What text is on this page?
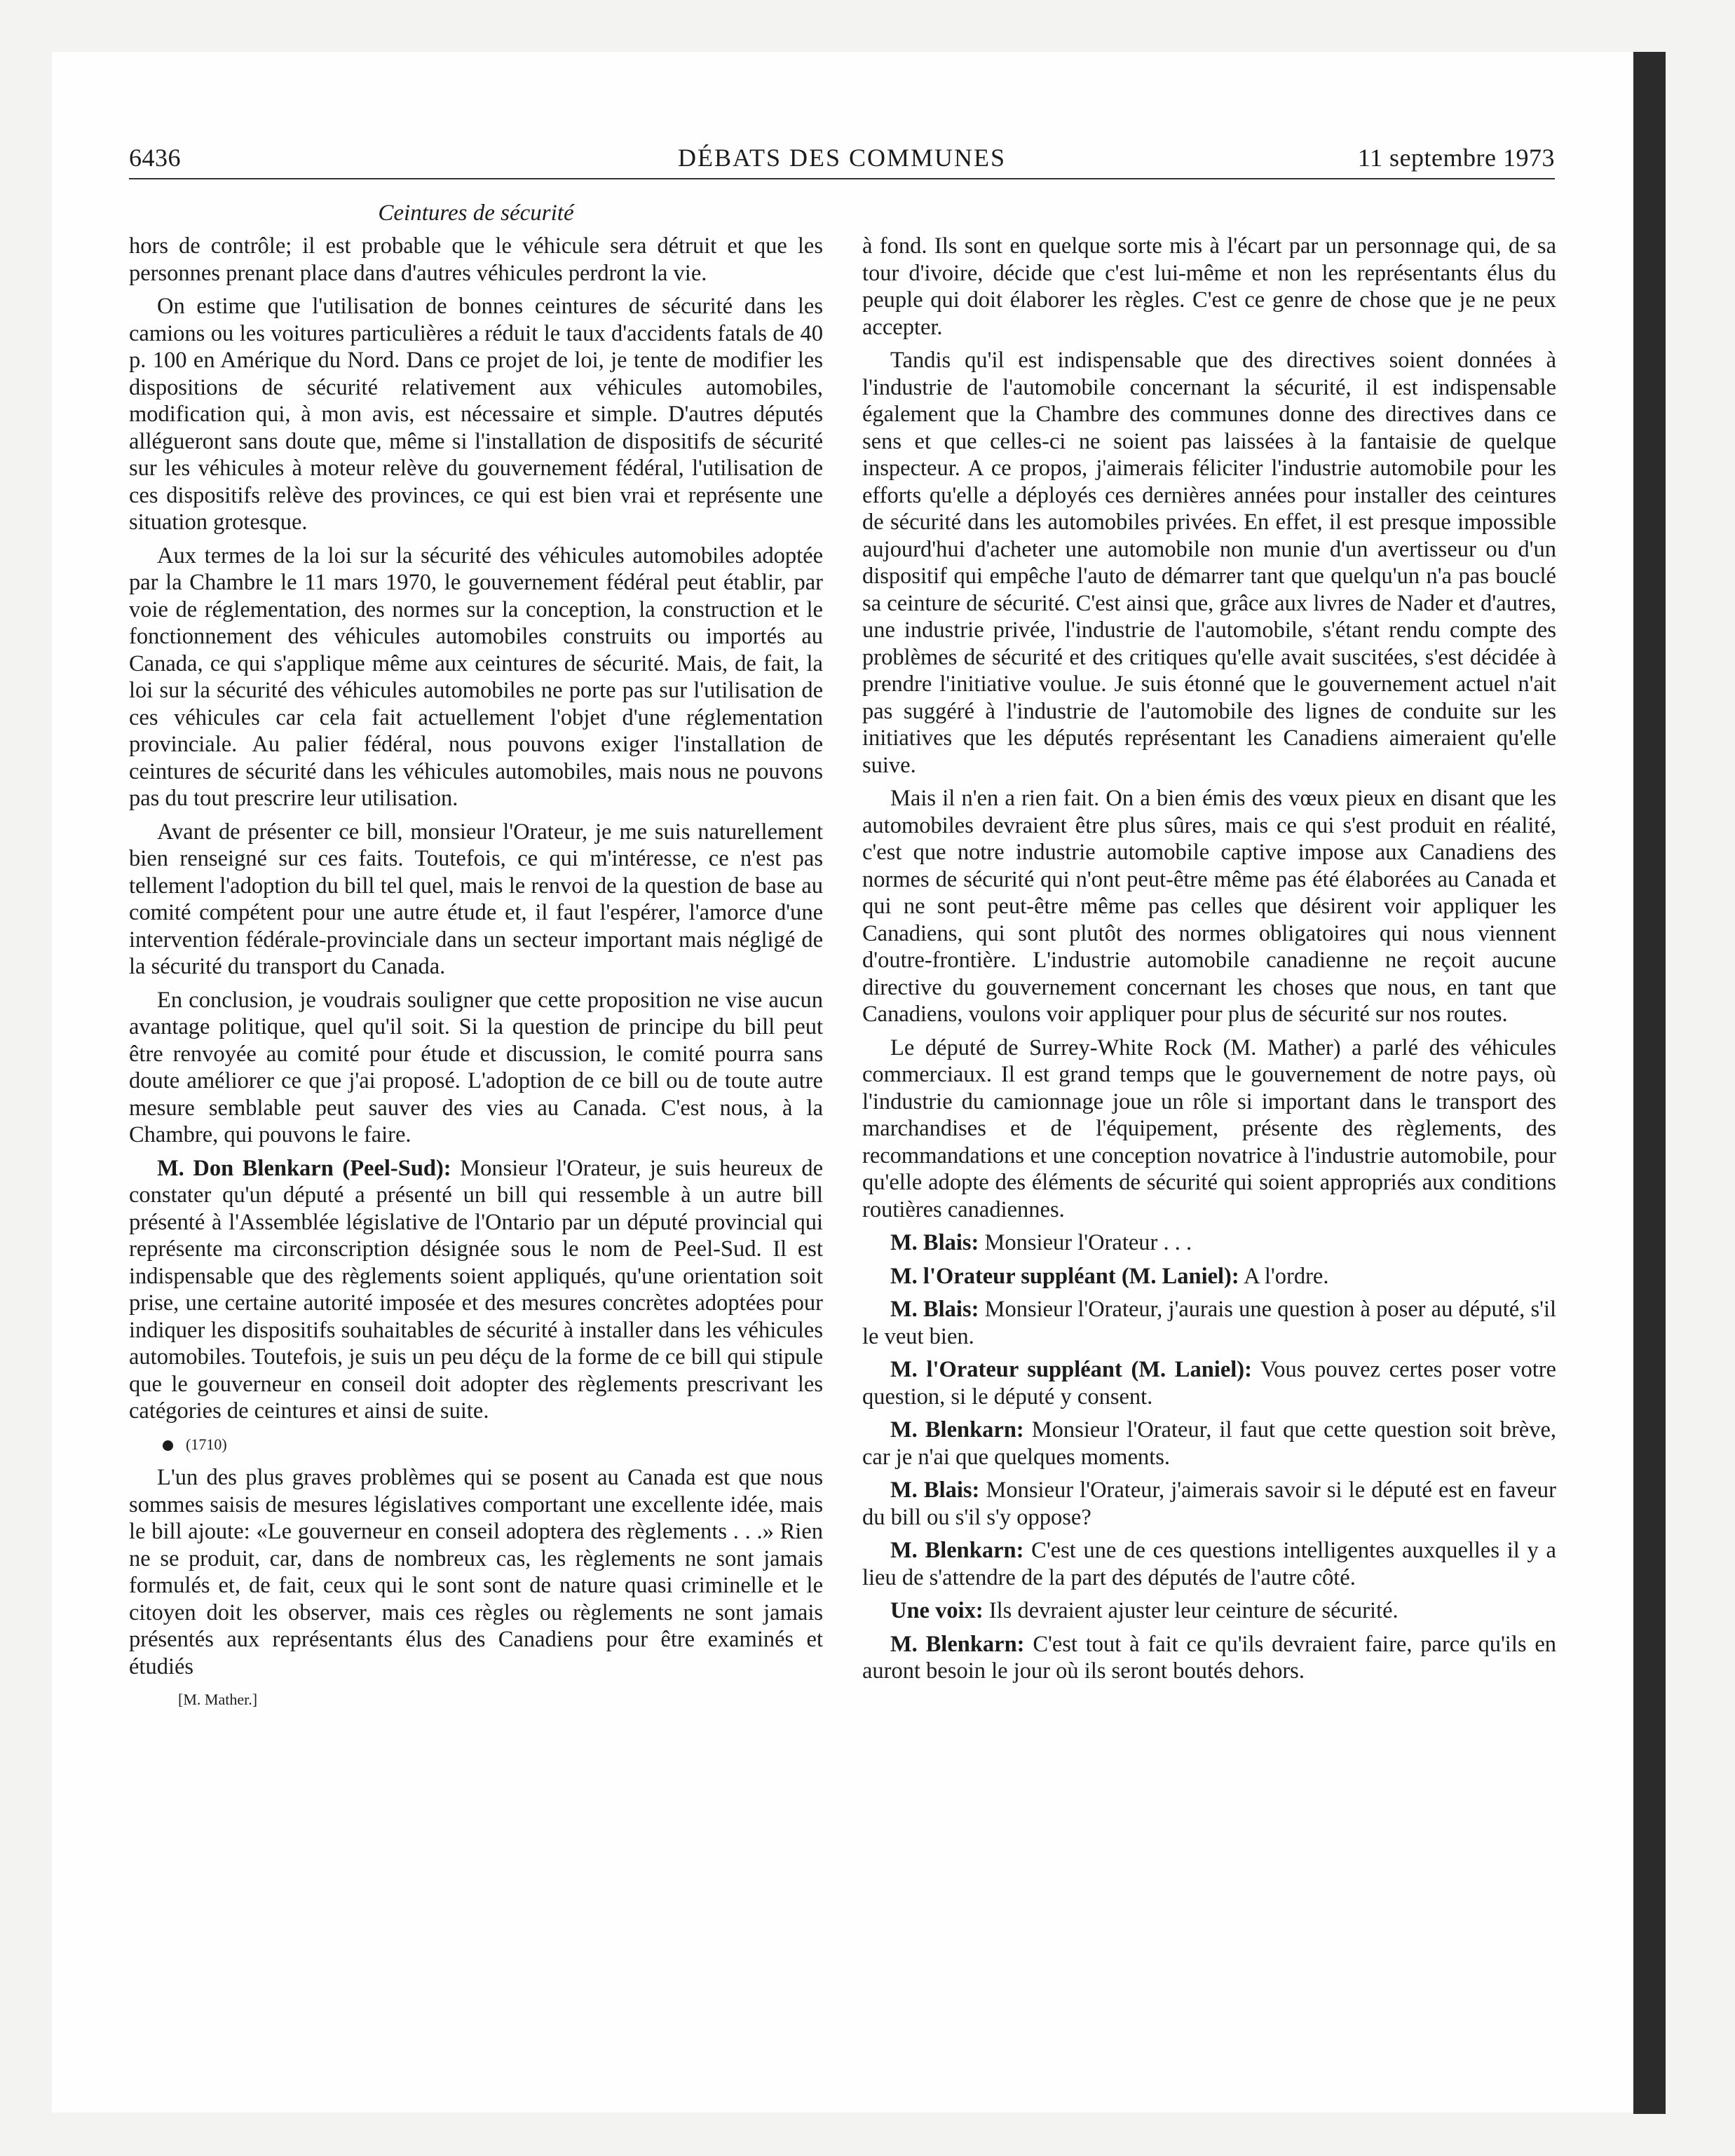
6436	DÉBATS DES COMMUNES	11 septembre 1973
Ceintures de sécurité

hors de contrôle; il est probable que le véhicule sera détruit et que les personnes prenant place dans d'autres véhicules perdront la vie.

On estime que l'utilisation de bonnes ceintures de sécurité dans les camions ou les voitures particulières a réduit le taux d'accidents fatals de 40 p. 100 en Amérique du Nord. Dans ce projet de loi, je tente de modifier les dispositions de sécurité relativement aux véhicules automobiles, modification qui, à mon avis, est nécessaire et simple. D'autres députés allégueront sans doute que, même si l'installation de dispositifs de sécurité sur les véhicules à moteur relève du gouvernement fédéral, l'utilisation de ces dispositifs relève des provinces, ce qui est bien vrai et représente une situation grotesque.

Aux termes de la loi sur la sécurité des véhicules automobiles adoptée par la Chambre le 11 mars 1970, le gouvernement fédéral peut établir, par voie de réglementation, des normes sur la conception, la construction et le fonctionnement des véhicules automobiles construits ou importés au Canada, ce qui s'applique même aux ceintures de sécurité. Mais, de fait, la loi sur la sécurité des véhicules automobiles ne porte pas sur l'utilisation de ces véhicules car cela fait actuellement l'objet d'une réglementation provinciale. Au palier fédéral, nous pouvons exiger l'installation de ceintures de sécurité dans les véhicules automobiles, mais nous ne pouvons pas du tout prescrire leur utilisation.

Avant de présenter ce bill, monsieur l'Orateur, je me suis naturellement bien renseigné sur ces faits. Toutefois, ce qui m'intéresse, ce n'est pas tellement l'adoption du bill tel quel, mais le renvoi de la question de base au comité compétent pour une autre étude et, il faut l'espérer, l'amorce d'une intervention fédérale-provinciale dans un secteur important mais négligé de la sécurité du transport du Canada.

En conclusion, je voudrais souligner que cette proposition ne vise aucun avantage politique, quel qu'il soit. Si la question de principe du bill peut être renvoyée au comité pour étude et discussion, le comité pourra sans doute améliorer ce que j'ai proposé. L'adoption de ce bill ou de toute autre mesure semblable peut sauver des vies au Canada. C'est nous, à la Chambre, qui pouvons le faire.

M. Don Blenkarn (Peel-Sud): Monsieur l'Orateur, je suis heureux de constater qu'un député a présenté un bill qui ressemble à un autre bill présenté à l'Assemblée législative de l'Ontario par un député provincial qui représente ma circonscription désignée sous le nom de Peel-Sud. Il est indispensable que des règlements soient appliqués, qu'une orientation soit prise, une certaine autorité imposée et des mesures concrètes adoptées pour indiquer les dispositifs souhaitables de sécurité à installer dans les véhicules automobiles. Toutefois, je suis un peu déçu de la forme de ce bill qui stipule que le gouverneur en conseil doit adopter des règlements prescrivant les catégories de ceintures et ainsi de suite.

(1710)

L'un des plus graves problèmes qui se posent au Canada est que nous sommes saisis de mesures législatives comportant une excellente idée, mais le bill ajoute: «Le gouverneur en conseil adoptera des règlements . . .» Rien ne se produit, car, dans de nombreux cas, les règlements ne sont jamais formulés et, de fait, ceux qui le sont sont de nature quasi criminelle et le citoyen doit les observer, mais ces règles ou règlements ne sont jamais présentés aux représentants élus des Canadiens pour être examinés et étudiés

[M. Mather.]

à fond. Ils sont en quelque sorte mis à l'écart par un personnage qui, de sa tour d'ivoire, décide que c'est lui-même et non les représentants élus du peuple qui doit élaborer les règles. C'est ce genre de chose que je ne peux accepter.

Tandis qu'il est indispensable que des directives soient données à l'industrie de l'automobile concernant la sécurité, il est indispensable également que la Chambre des communes donne des directives dans ce sens et que celles-ci ne soient pas laissées à la fantaisie de quelque inspecteur. A ce propos, j'aimerais féliciter l'industrie automobile pour les efforts qu'elle a déployés ces dernières années pour installer des ceintures de sécurité dans les automobiles privées. En effet, il est presque impossible aujourd'hui d'acheter une automobile non munie d'un avertisseur ou d'un dispositif qui empêche l'auto de démarrer tant que quelqu'un n'a pas bouclé sa ceinture de sécurité. C'est ainsi que, grâce aux livres de Nader et d'autres, une industrie privée, l'industrie de l'automobile, s'étant rendu compte des problèmes de sécurité et des critiques qu'elle avait suscitées, s'est décidée à prendre l'initiative voulue. Je suis étonné que le gouvernement actuel n'ait pas suggéré à l'industrie de l'automobile des lignes de conduite sur les initiatives que les députés représentant les Canadiens aimeraient qu'elle suive.

Mais il n'en a rien fait. On a bien émis des vœux pieux en disant que les automobiles devraient être plus sûres, mais ce qui s'est produit en réalité, c'est que notre industrie automobile captive impose aux Canadiens des normes de sécurité qui n'ont peut-être même pas été élaborées au Canada et qui ne sont peut-être même pas celles que désirent voir appliquer les Canadiens, qui sont plutôt des normes obligatoires qui nous viennent d'outre-frontière. L'industrie automobile canadienne ne reçoit aucune directive du gouvernement concernant les choses que nous, en tant que Canadiens, voulons voir appliquer pour plus de sécurité sur nos routes.

Le député de Surrey-White Rock (M. Mather) a parlé des véhicules commerciaux. Il est grand temps que le gouvernement de notre pays, où l'industrie du camionnage joue un rôle si important dans le transport des marchandises et de l'équipement, présente des règlements, des recommandations et une conception novatrice à l'industrie automobile, pour qu'elle adopte des éléments de sécurité qui soient appropriés aux conditions routières canadiennes.

M. Blais: Monsieur l'Orateur . . .

M. l'Orateur suppléant (M. Laniel): A l'ordre.

M. Blais: Monsieur l'Orateur, j'aurais une question à poser au député, s'il le veut bien.

M. l'Orateur suppléant (M. Laniel): Vous pouvez certes poser votre question, si le député y consent.

M. Blenkarn: Monsieur l'Orateur, il faut que cette question soit brève, car je n'ai que quelques moments.

M. Blais: Monsieur l'Orateur, j'aimerais savoir si le député est en faveur du bill ou s'il s'y oppose?

M. Blenkarn: C'est une de ces questions intelligentes auxquelles il y a lieu de s'attendre de la part des députés de l'autre côté.

Une voix: Ils devraient ajuster leur ceinture de sécurité.

M. Blenkarn: C'est tout à fait ce qu'ils devraient faire, parce qu'ils en auront besoin le jour où ils seront boutés dehors.
